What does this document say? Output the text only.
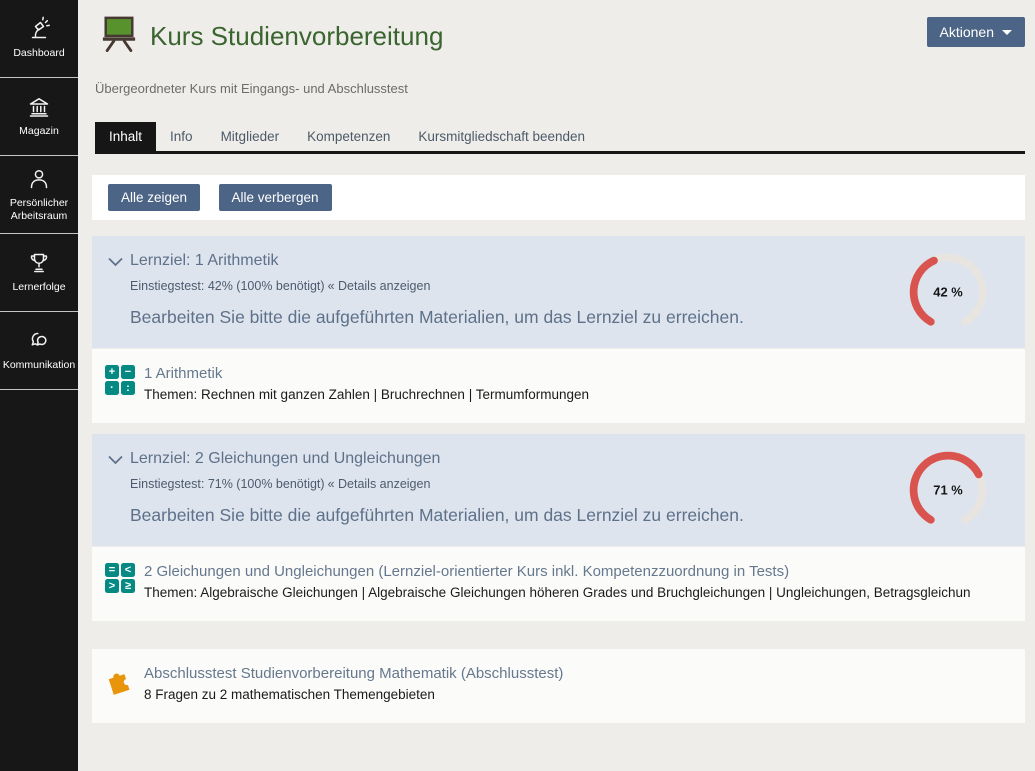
Dashboard
Magazin
Persönlicher Arbeitsraum
Lernerfolge
Kommunikation
Kurs Studienvorbereitung	Aktionen
Übergeordneter Kurs mit Eingangs- und Abschlusstest
Inhalt	Info	Mitglieder	Kompetenzen	Kursmitgliedschaft beenden
Alle zeigen	Alle verbergen
Lernziel: 1 Arithmetik
Einstiegstest: 42% (100% benötigt) « Details anzeigen
Bearbeiten Sie bitte die aufgeführten Materialien, um das Lernziel zu erreichen.
42 %
+ −
·	:
1 Arithmetik
Themen: Rechnen mit ganzen Zahlen | Bruchrechnen | Termumformungen
Lernziel: 2 Gleichungen und Ungleichungen
Einstiegstest: 71% (100% benötigt) « Details anzeigen
Bearbeiten Sie bitte die aufgeführten Materialien, um das Lernziel zu erreichen.
71 %
= <
> ≥
2 Gleichungen und Ungleichungen (Lernziel-orientierter Kurs inkl. Kompetenzzuordnung in Tests)
Themen: Algebraische Gleichungen | Algebraische Gleichungen höheren Grades und Bruchgleichungen | Ungleichungen, Betragsgleichun
Abschlusstest Studienvorbereitung Mathematik (Abschlusstest)
8 Fragen zu 2 mathematischen Themengebieten
